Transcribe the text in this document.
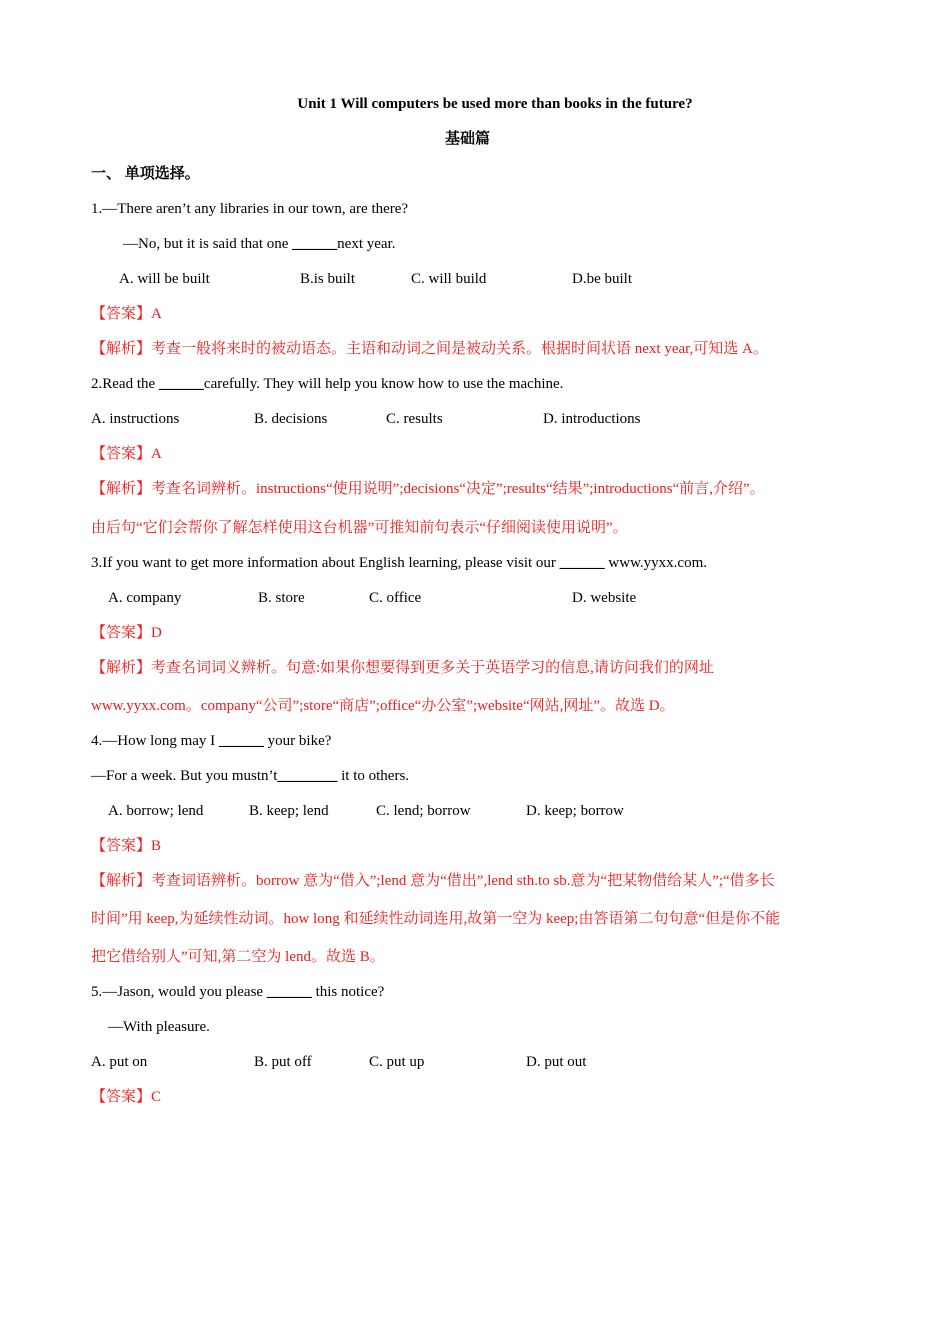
Unit 1 Will computers be used more than books in the future?
基础篇
一、 单项选择。
1.—There aren’t any libraries in our town, are there?
—No, but it is said that one ______next year.
A. will be built	B.is built	C. will build	D.be built
【答案】A
【解析】考查一般将来时的被动语态。主语和动词之间是被动关系。根据时间状语 next year,可知选 A。
2.Read the ______carefully. They will help you know how to use the machine.
A. instructions	B. decisions	C. results	D. introductions
【答案】A
【解析】考查名词辨析。instructions“使用说明”;decisions“决定”;results“结果”;introductions“前言,介绍”。
由后句“它们会帮你了解怎样使用这台机器”可推知前句表示“仔细阅读使用说明”。
3.If you want to get more information about English learning, please visit our ______ www.yyxx.com.
A. company	B. store	C. office	D. website
【答案】D
【解析】考查名词词义辨析。句意:如果你想要得到更多关于英语学习的信息,请访问我们的网址
www.yyxx.com。company“公司”;store“商店”;office“办公室”;website“网站,网址”。故选 D。
4.—How long may I ______ your bike?
—For a week. But you mustn’t________ it to others.
A. borrow; lend	B. keep; lend	C. lend; borrow	D. keep; borrow
【答案】B
【解析】考查词语辨析。borrow 意为“借入”;lend 意为“借出”,lend sth.to sb.意为“把某物借给某人”;“借多长
时间”用 keep,为延续性动词。how long 和延续性动词连用,故第一空为 keep;由答语第二句句意“但是你不能
把它借给别人”可知,第二空为 lend。故选 B。
5.—Jason, would you please ______ this notice?
—With pleasure.
A. put on	B. put off	C. put up	D. put out
【答案】C
